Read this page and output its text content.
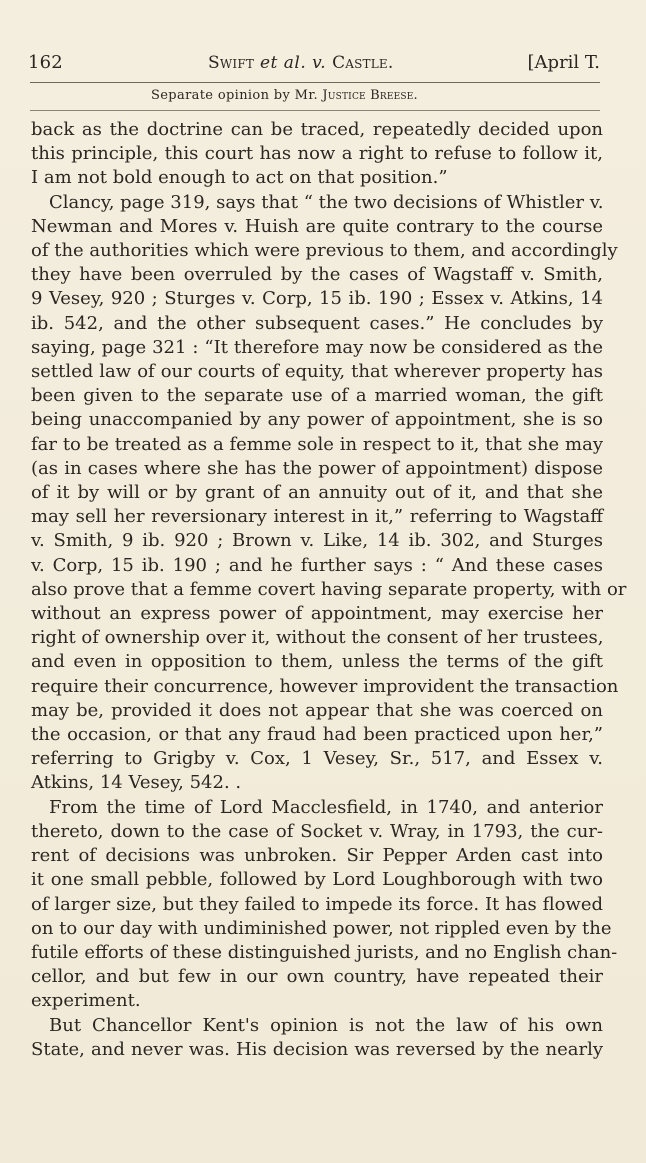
162	Swift et al. v. Castle.	[April T.
Separate opinion by Mr. Justice Breese.
back as the doctrine can be traced, repeatedly decided upon
this principle, this court has now a right to refuse to follow it,
I am not bold enough to act on that position.”
Clancy, page 319, says that “ the two decisions of Whistler v.
Newman and Mores v. Huish are quite contrary to the course
of the authorities which were previous to them, and accordingly
they have been overruled by the cases of Wagstaff v. Smith,
9 Vesey, 920 ; Sturges v. Corp, 15 ib. 190 ; Essex v. Atkins, 14
ib. 542, and the other subsequent cases.” He concludes by
saying, page 321 : “It therefore may now be considered as the
settled law of our courts of equity, that wherever property has
been given to the separate use of a married woman, the gift
being unaccompanied by any power of appointment, she is so
far to be treated as a femme sole in respect to it, that she may
(as in cases where she has the power of appointment) dispose
of it by will or by grant of an annuity out of it, and that she
may sell her reversionary interest in it,” referring to Wagstaff
v. Smith, 9 ib. 920 ; Brown v. Like, 14 ib. 302, and Sturges
v. Corp, 15 ib. 190 ; and he further says : “ And these cases
also prove that a femme covert having separate property, with or
without an express power of appointment, may exercise her
right of ownership over it, without the consent of her trustees,
and even in opposition to them, unless the terms of the gift
require their concurrence, however improvident the transaction
may be, provided it does not appear that she was coerced on
the occasion, or that any fraud had been practiced upon her,”
referring to Grigby v. Cox, 1 Vesey, Sr., 517, and Essex v.
Atkins, 14 Vesey, 542. .
From the time of Lord Macclesfield, in 1740, and anterior
thereto, down to the case of Socket v. Wray, in 1793, the cur-
rent of decisions was unbroken. Sir Pepper Arden cast into
it one small pebble, followed by Lord Loughborough with two
of larger size, but they failed to impede its force. It has flowed
on to our day with undiminished power, not rippled even by the
futile efforts of these distinguished jurists, and no English chan-
cellor, and but few in our own country, have repeated their
experiment.
But Chancellor Kent's opinion is not the law of his own
State, and never was. His decision was reversed by the nearly
